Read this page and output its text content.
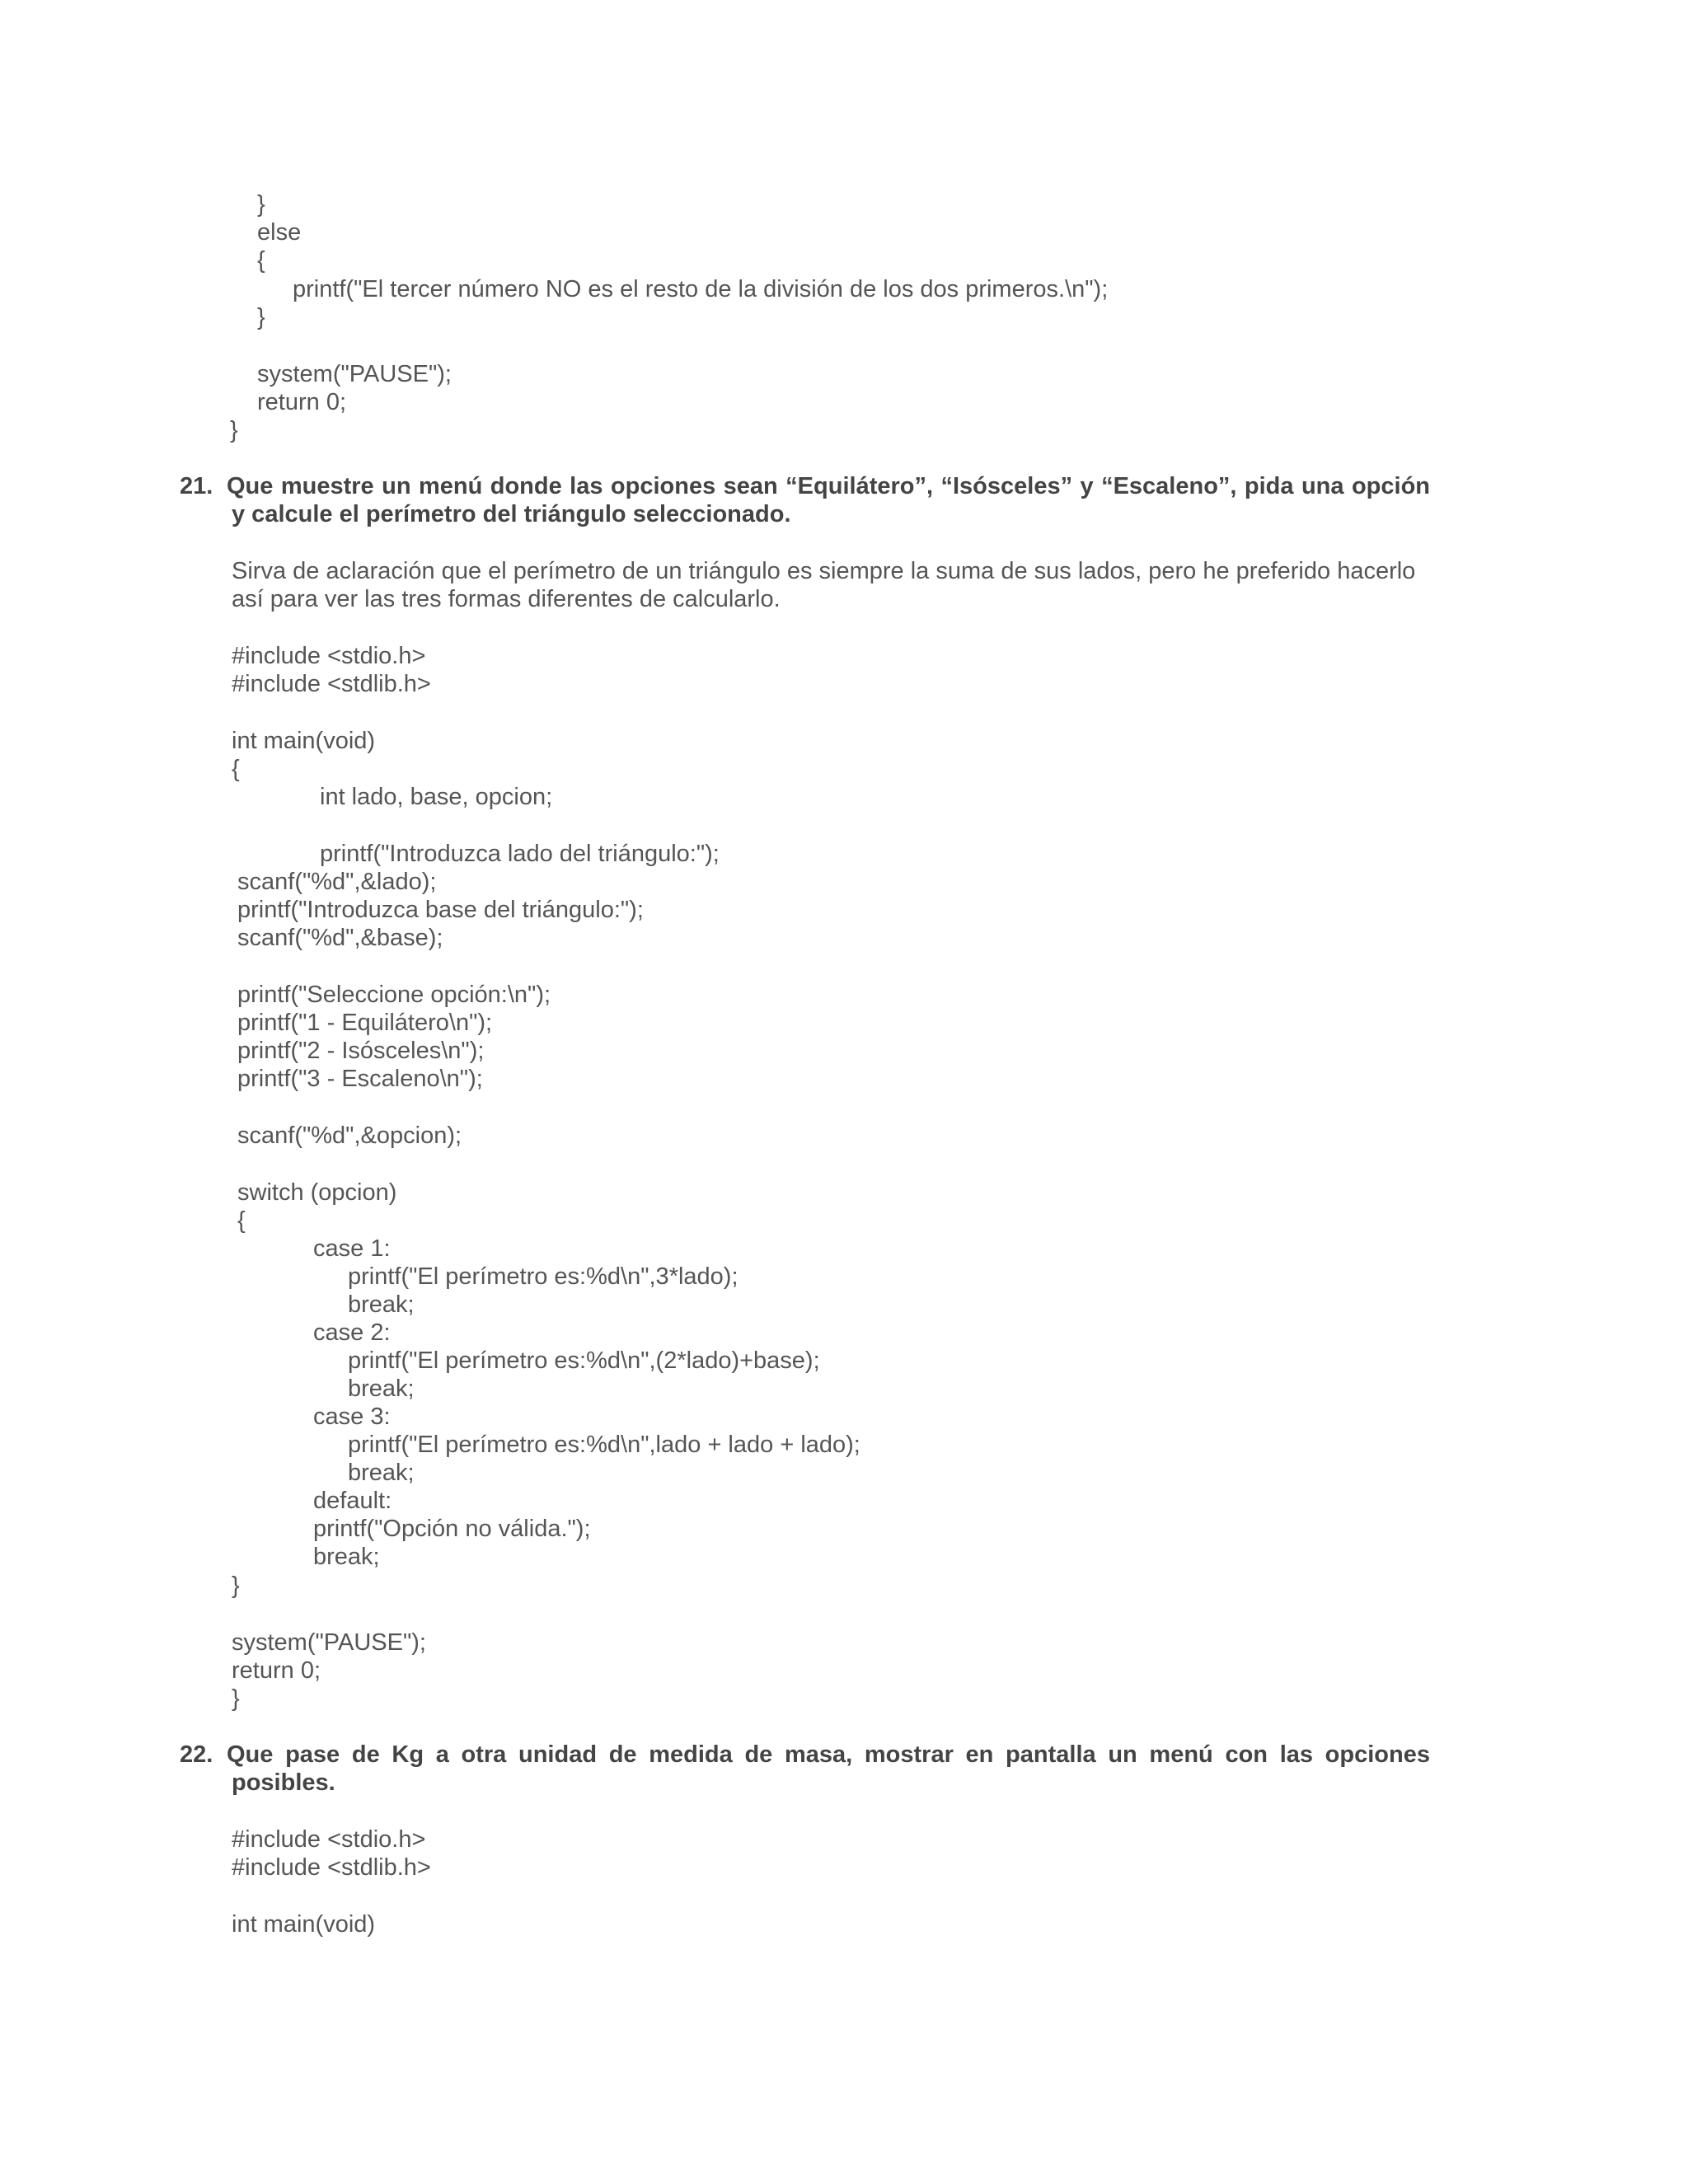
}
else
{
printf("El tercer número NO es el resto de la división de los dos primeros.\n");
}
system("PAUSE");
return 0;
}
21. Que muestre un menú donde las opciones sean “Equilátero”, “Isósceles” y “Escaleno”, pida una opción
y calcule el perímetro del triángulo seleccionado.
Sirva de aclaración que el perímetro de un triángulo es siempre la suma de sus lados, pero he preferido hacerlo
así para ver las tres formas diferentes de calcularlo.
#include <stdio.h>
#include <stdlib.h>
int main(void)
{
int lado, base, opcion;
printf("Introduzca lado del triángulo:");
scanf("%d",&lado);
printf("Introduzca base del triángulo:");
scanf("%d",&base);
printf("Seleccione opción:\n");
printf("1 - Equilátero\n");
printf("2 - Isósceles\n");
printf("3 - Escaleno\n");
scanf("%d",&opcion);
switch (opcion)
{
case 1:
printf("El perímetro es:%d\n",3*lado);
break;
case 2:
printf("El perímetro es:%d\n",(2*lado)+base);
break;
case 3:
printf("El perímetro es:%d\n",lado + lado + lado);
break;
default:
printf("Opción no válida.");
break;
}
system("PAUSE");
return 0;
}
22. Que pase de Kg a otra unidad de medida de masa, mostrar en pantalla un menú con las opciones
posibles.
#include <stdio.h>
#include <stdlib.h>
int main(void)
